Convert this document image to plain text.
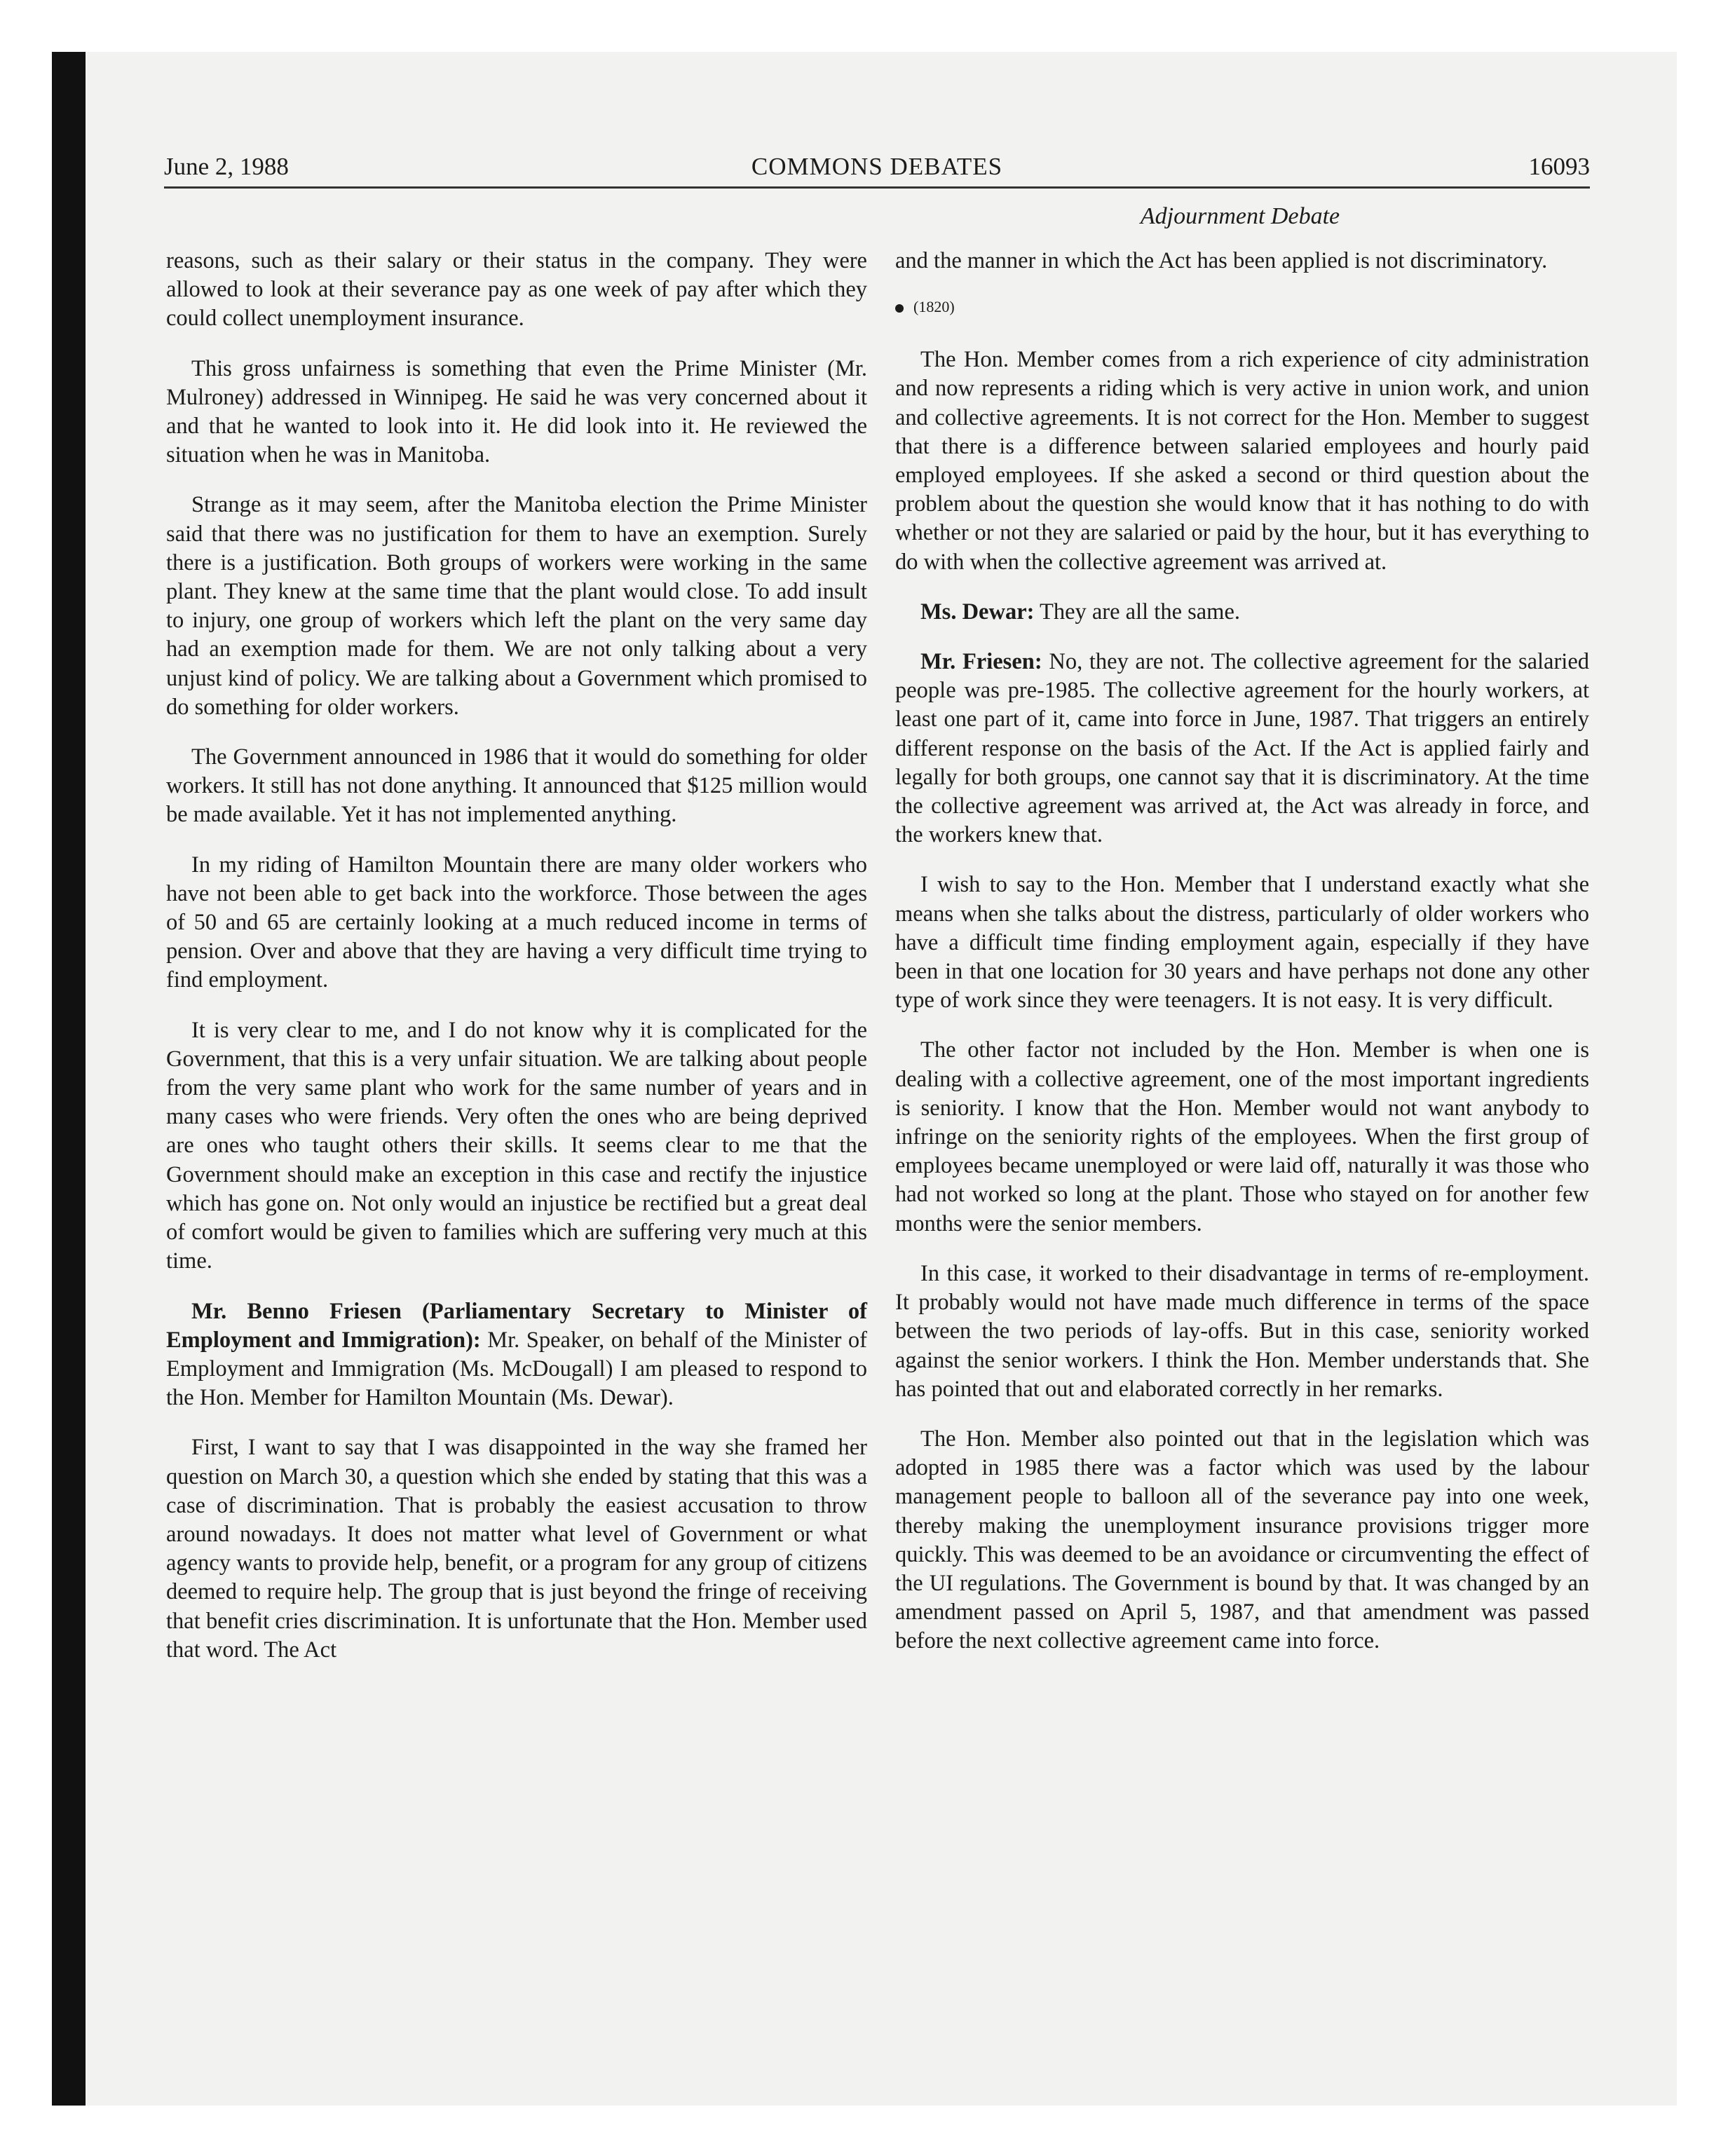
June 2, 1988	COMMONS DEBATES	16093
Adjournment Debate

reasons, such as their salary or their status in the company. They were allowed to look at their severance pay as one week of pay after which they could collect unemployment insurance.

This gross unfairness is something that even the Prime Minister (Mr. Mulroney) addressed in Winnipeg. He said he was very concerned about it and that he wanted to look into it. He did look into it. He reviewed the situation when he was in Manitoba.

Strange as it may seem, after the Manitoba election the Prime Minister said that there was no justification for them to have an exemption. Surely there is a justification. Both groups of workers were working in the same plant. They knew at the same time that the plant would close. To add insult to injury, one group of workers which left the plant on the very same day had an exemption made for them. We are not only talking about a very unjust kind of policy. We are talking about a Government which promised to do something for older workers.

The Government announced in 1986 that it would do something for older workers. It still has not done anything. It announced that $125 million would be made available. Yet it has not implemented anything.

In my riding of Hamilton Mountain there are many older workers who have not been able to get back into the workforce. Those between the ages of 50 and 65 are certainly looking at a much reduced income in terms of pension. Over and above that they are having a very difficult time trying to find employment.

It is very clear to me, and I do not know why it is complicated for the Government, that this is a very unfair situation. We are talking about people from the very same plant who work for the same number of years and in many cases who were friends. Very often the ones who are being deprived are ones who taught others their skills. It seems clear to me that the Government should make an exception in this case and rectify the injustice which has gone on. Not only would an injustice be rectified but a great deal of comfort would be given to families which are suffering very much at this time.

Mr. Benno Friesen (Parliamentary Secretary to Minister of Employment and Immigration): Mr. Speaker, on behalf of the Minister of Employment and Immigration (Ms. McDougall) I am pleased to respond to the Hon. Member for Hamilton Mountain (Ms. Dewar).

First, I want to say that I was disappointed in the way she framed her question on March 30, a question which she ended by stating that this was a case of discrimination. That is probably the easiest accusation to throw around nowadays. It does not matter what level of Government or what agency wants to provide help, benefit, or a program for any group of citizens deemed to require help. The group that is just beyond the fringe of receiving that benefit cries discrimination. It is unfortunate that the Hon. Member used that word. The Act

and the manner in which the Act has been applied is not discriminatory.

(1820)

The Hon. Member comes from a rich experience of city administration and now represents a riding which is very active in union work, and union and collective agreements. It is not correct for the Hon. Member to suggest that there is a difference between salaried employees and hourly paid employed employees. If she asked a second or third question about the problem about the question she would know that it has nothing to do with whether or not they are salaried or paid by the hour, but it has everything to do with when the collective agreement was arrived at.

Ms. Dewar: They are all the same.

Mr. Friesen: No, they are not. The collective agreement for the salaried people was pre-1985. The collective agreement for the hourly workers, at least one part of it, came into force in June, 1987. That triggers an entirely different response on the basis of the Act. If the Act is applied fairly and legally for both groups, one cannot say that it is discriminatory. At the time the collective agreement was arrived at, the Act was already in force, and the workers knew that.

I wish to say to the Hon. Member that I understand exactly what she means when she talks about the distress, particularly of older workers who have a difficult time finding employment again, especially if they have been in that one location for 30 years and have perhaps not done any other type of work since they were teenagers. It is not easy. It is very difficult.

The other factor not included by the Hon. Member is when one is dealing with a collective agreement, one of the most important ingredients is seniority. I know that the Hon. Member would not want anybody to infringe on the seniority rights of the employees. When the first group of employees became unemployed or were laid off, naturally it was those who had not worked so long at the plant. Those who stayed on for another few months were the senior members.

In this case, it worked to their disadvantage in terms of re-employment. It probably would not have made much difference in terms of the space between the two periods of lay-offs. But in this case, seniority worked against the senior workers. I think the Hon. Member understands that. She has pointed that out and elaborated correctly in her remarks.

The Hon. Member also pointed out that in the legislation which was adopted in 1985 there was a factor which was used by the labour management people to balloon all of the severance pay into one week, thereby making the unemployment insurance provisions trigger more quickly. This was deemed to be an avoidance or circumventing the effect of the UI regulations. The Government is bound by that. It was changed by an amendment passed on April 5, 1987, and that amendment was passed before the next collective agreement came into force.
